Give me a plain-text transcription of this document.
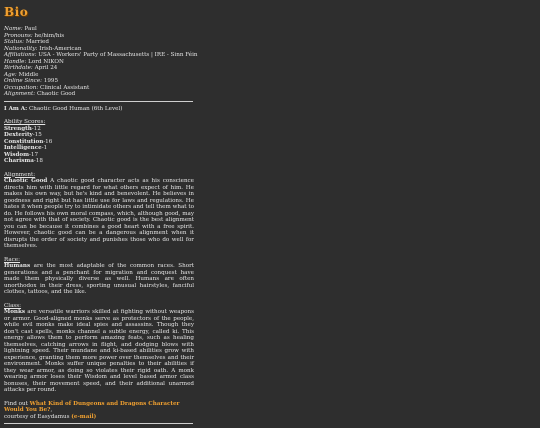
Bio
Name: Paul
Pronouns: he/him/his
Status: Married
Nationality: Irish-American
Affiliations: USA - Workers' Party of Massachusetts | IRE - Sinn Féin
Handle: Lord NIKON
Birthdate: April 24
Age: Middle
Online Since: 1995
Occupation: Clinical Assistant
Alignment: Chaotic Good
I Am A: Chaotic Good Human (6th Level)
Ability Scores:
Strength-12
Dexterity-15
Constitution-16
Intelligence-1
Wisdom-17
Charisma-18
Alignment:
Chaotic Good A chaotic good character acts as his conscience directs him with little regard for what others expect of him. He makes his own way, but he's kind and benevolent. He believes in goodness and right but has little use for laws and regulations. He hates it when people try to intimidate others and tell them what to do. He follows his own moral compass, which, although good, may not agree with that of society. Chaotic good is the best alignment you can be because it combines a good heart with a free spirit. However, chaotic good can be a dangerous alignment when it disrupts the order of society and punishes those who do well for themselves.
Race:
Humans are the most adaptable of the common races. Short generations and a penchant for migration and conquest have made them physically diverse as well. Humans are often unorthodox in their dress, sporting unusual hairstyles, fanciful clothes, tattoos, and the like.
Class:
Monks are versatile warriors skilled at fighting without weapons or armor. Good-aligned monks serve as protectors of the people, while evil monks make ideal spies and assassins. Though they don't cast spells, monks channel a subtle energy, called ki. This energy allows them to perform amazing feats, such as healing themselves, catching arrows in flight, and dodging blows with lightning speed. Their mundane and ki-based abilities grow with experience, granting them more power over themselves and their environment. Monks suffer unique penalties to their abilities if they wear armor, as doing so violates their rigid oath. A monk wearing armor loses their Wisdom and level based armor class bonuses, their movement speed, and their additional unarmed attacks per round.
Find out What Kind of Dungeons and Dragons Character Would You Be?,
courtesy of Easydamus (e-mail)
